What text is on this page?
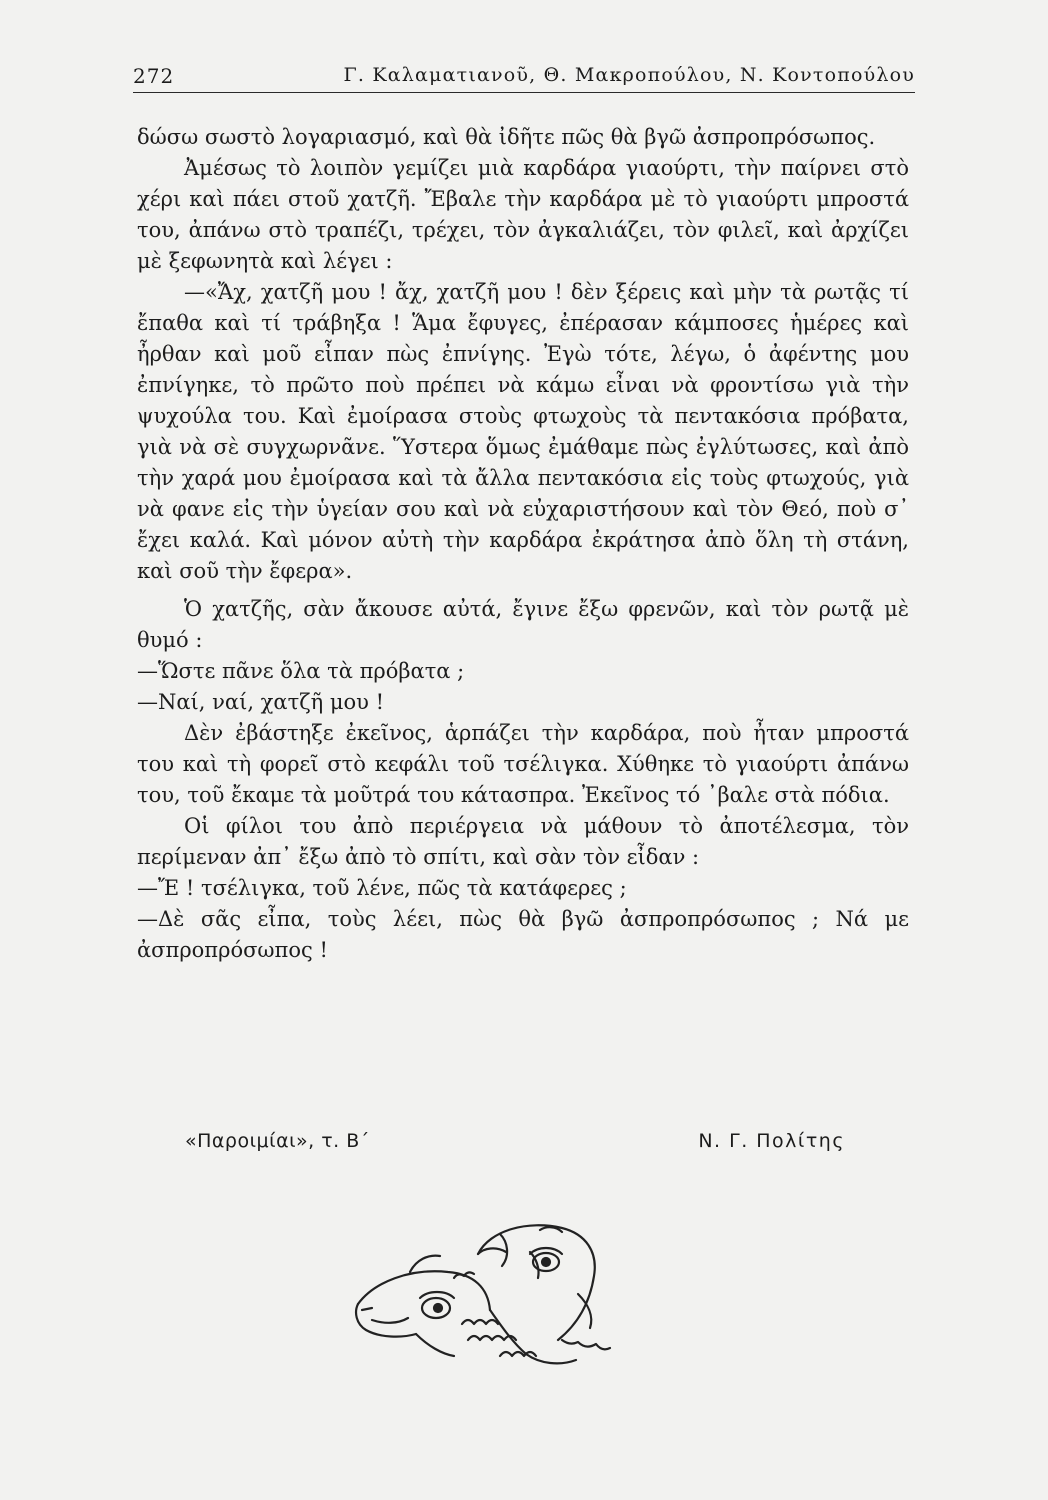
272	Γ. Καλαματιανοῦ, Θ. Μακροπούλου, Ν. Κοντοπούλου

δώσω σωστὸ λογαριασμό, καὶ θὰ ἰδῆτε πῶς θὰ βγῶ ἀσπροπρόσωπος.

Ἀμέσως τὸ λοιπὸν γεμίζει μιὰ καρδάρα γιαούρτι, τὴν παίρνει στὸ χέρι καὶ πάει στοῦ χατζῆ. Ἔβαλε τὴν καρδάρα μὲ τὸ γιαούρτι μπροστά του, ἀπάνω στὸ τραπέζι, τρέχει, τὸν ἀγκαλιάζει, τὸν φιλεῖ, καὶ ἀρχίζει μὲ ξεφωνητὰ καὶ λέγει :

—«Ἄχ, χατζῆ μου ! ἄχ, χατζῆ μου ! δὲν ξέρεις καὶ μὴν τὰ ρωτᾷς τί ἔπαθα καὶ τί τράβηξα ! Ἅμα ἔφυγες, ἐπέρασαν κάμποσες ἡμέρες καὶ ἦρθαν καὶ μοῦ εἶπαν πὼς ἐπνίγης. Ἐγὼ τότε, λέγω, ὁ ἀφέντης μου ἐπνίγηκε, τὸ πρῶτο ποὺ πρέπει νὰ κάμω εἶναι νὰ φροντίσω γιὰ τὴν ψυχούλα του. Καὶ ἐμοίρασα στοὺς φτωχοὺς τὰ πεντακόσια πρόβατα, γιὰ νὰ σὲ συγχωρνᾶνε. Ὕστερα ὅμως ἐμάθαμε πὼς ἐγλύτωσες, καὶ ἀπὸ τὴν χαρά μου ἐμοίρασα καὶ τὰ ἄλλα πεντακόσια εἰς τοὺς φτωχούς, γιὰ νὰ φανε εἰς τὴν ὑγείαν σου καὶ νὰ εὐχαριστήσουν καὶ τὸν Θεό, ποὺ σ᾽ ἔχει καλά. Καὶ μόνον αὐτὴ τὴν καρδάρα ἐκράτησα ἀπὸ ὅλη τὴ στάνη, καὶ σοῦ τὴν ἔφερα».

Ὁ χατζῆς, σὰν ἄκουσε αὐτά, ἔγινε ἔξω φρενῶν, καὶ τὸν ρωτᾷ μὲ θυμό :

—Ὥστε πᾶνε ὅλα τὰ πρόβατα ;

—Ναί, ναί, χατζῆ μου !

Δὲν ἐβάστηξε ἐκεῖνος, ἁρπάζει τὴν καρδάρα, ποὺ ἦταν μπροστά του καὶ τὴ φορεῖ στὸ κεφάλι τοῦ τσέλιγκα. Χύθηκε τὸ γιαούρτι ἀπάνω του, τοῦ ἔκαμε τὰ μοῦτρά του κάτασπρα. Ἐκεῖνος τό ᾽βαλε στὰ πόδια.

Οἱ φίλοι του ἀπὸ περιέργεια νὰ μάθουν τὸ ἀποτέλεσμα, τὸν περίμεναν ἀπ᾽ ἔξω ἀπὸ τὸ σπίτι, καὶ σὰν τὸν εἶδαν :

—Ἔ ! τσέλιγκα, τοῦ λένε, πῶς τὰ κατάφερες ;

—Δὲ σᾶς εἶπα, τοὺς λέει, πὼς θὰ βγῶ ἀσπροπρόσωπος ; Νά με ἀσπροπρόσωπος !

«Παροιμίαι», τ. Β΄	Ν. Γ. Πολίτης
